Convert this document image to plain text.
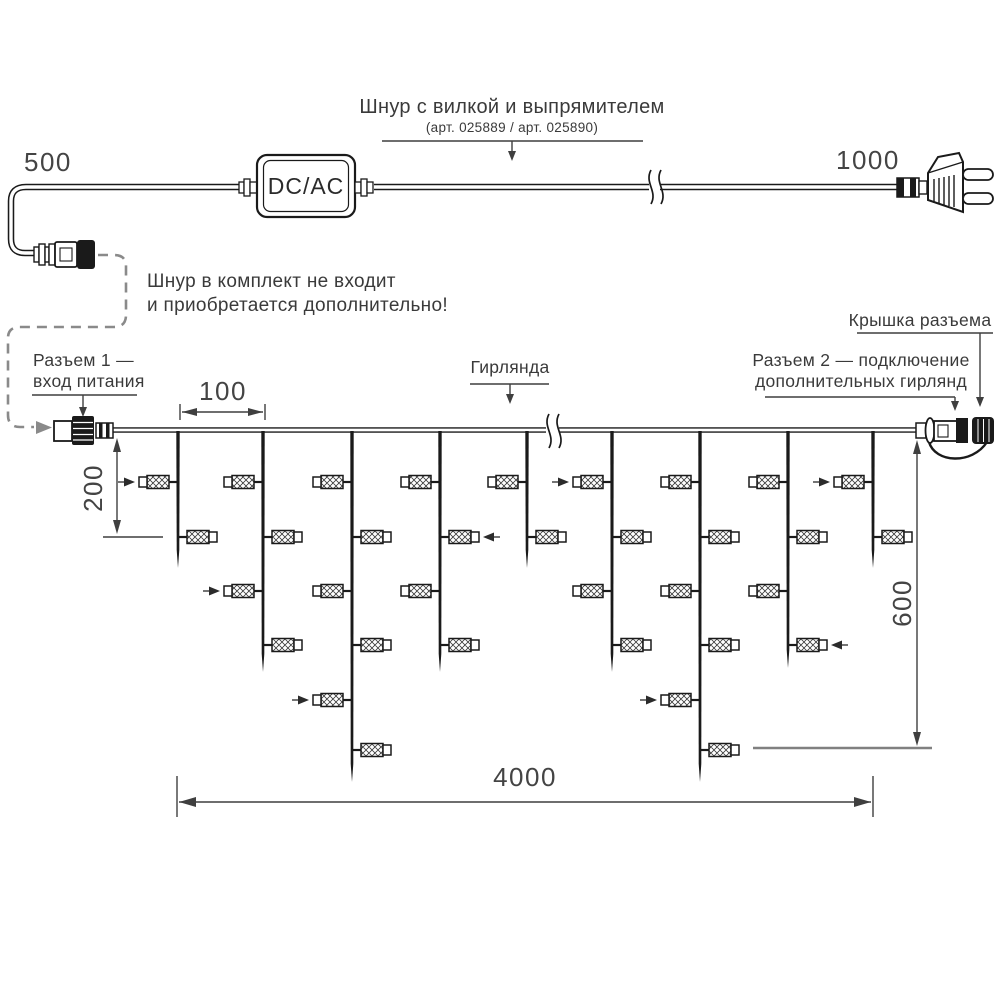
500	1000
DC/AC
Шнур с вилкой и выпрямителем
(арт. 025889 / арт. 025890)
Шнур в комплект не входит
и приобретается дополнительно!
Разъем 1 —
вход питания
Гирлянда	Разъем 2 — подключение
дополнительных гирлянд
Крышка разъема
100
200
600
4000
